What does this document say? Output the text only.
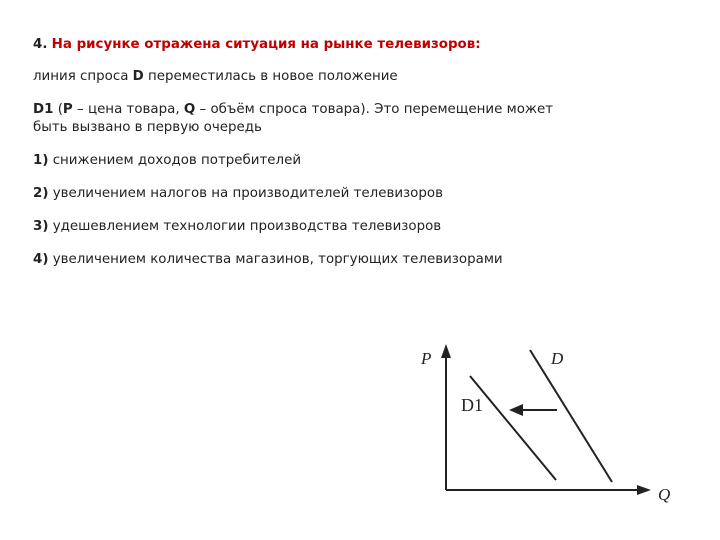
4. На рисунке отражена ситуация на рынке телевизоров:
линия спроса D переместилась в новое положение
D1 (P – цена товара, Q – объём спроса товара). Это перемещение может
быть вызвано в первую очередь
1) снижением доходов потребителей
2) увеличением налогов на производителей телевизоров
3) удешевлением технологии производства телевизоров
4) увеличением количества магазинов, торгующих телевизорами
P
Q
D
D1
